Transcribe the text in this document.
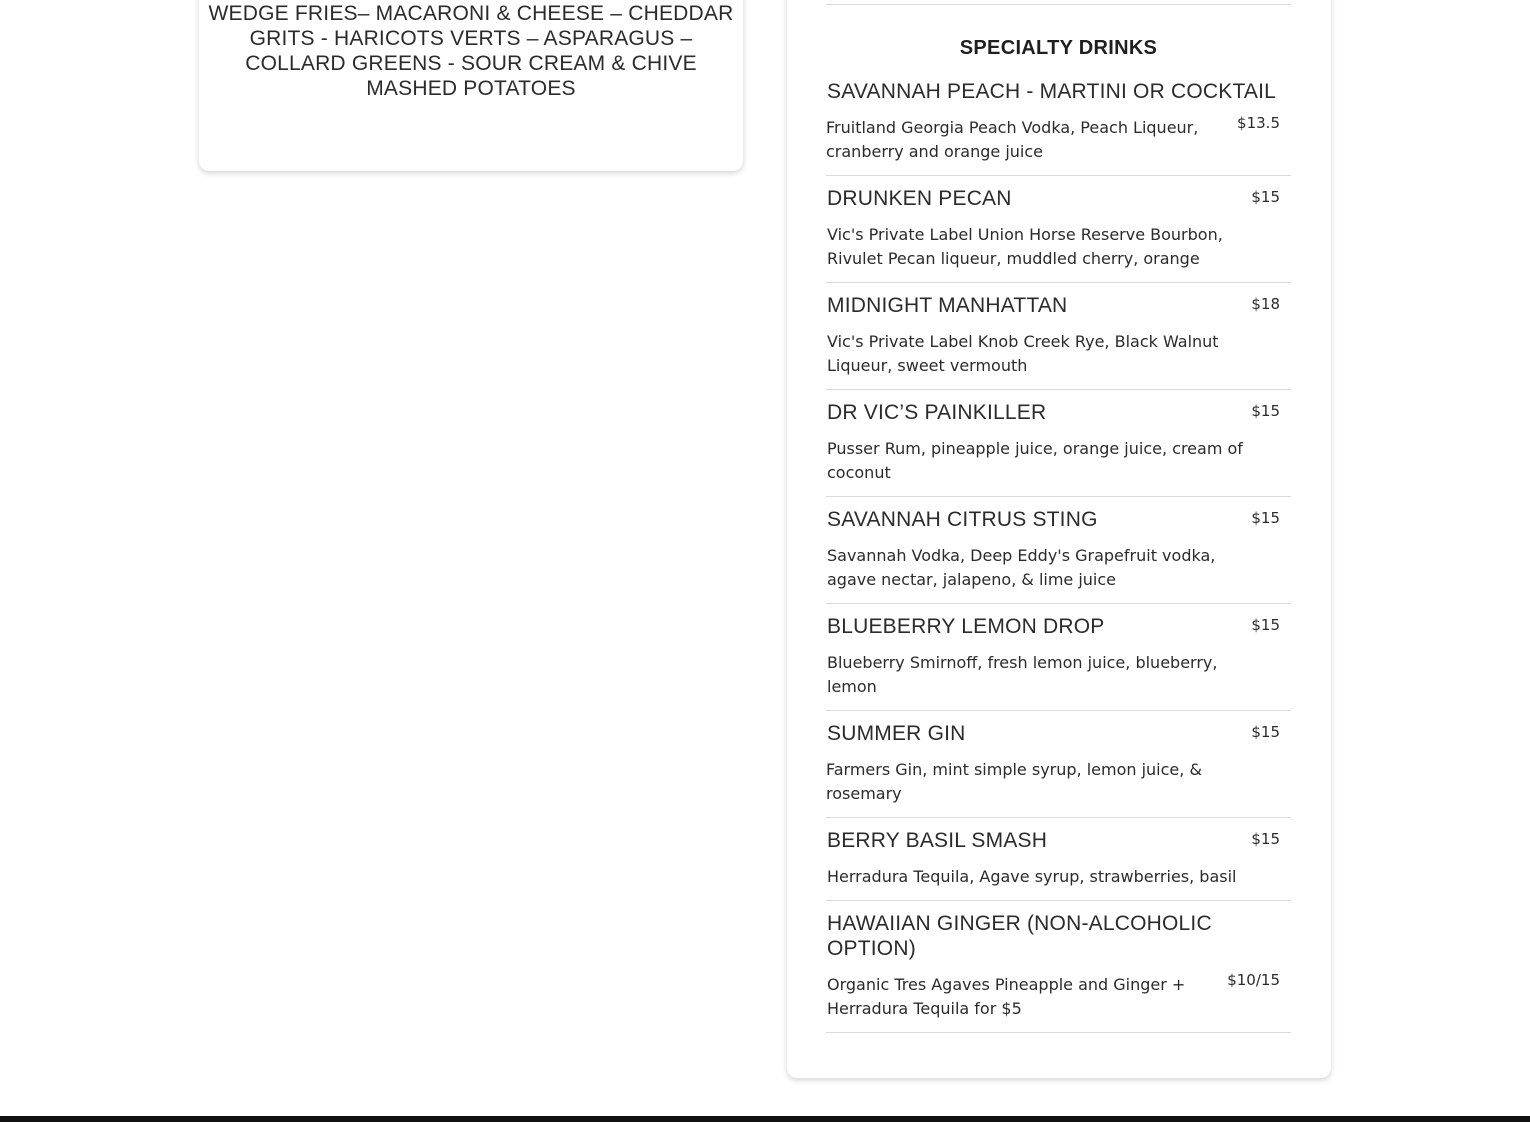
WEDGE FRIES– MACARONI & CHEESE – CHEDDAR GRITS - HARICOTS VERTS – ASPARAGUS – COLLARD GREENS - SOUR CREAM & CHIVE MASHED POTATOES

SPECIALTY DRINKS

SAVANNAH PEACH - MARTINI OR COCKTAIL

$13.5

Fruitland Georgia Peach Vodka, Peach Liqueur, cranberry and orange juice

DRUNKEN PECAN	$15

Vic's Private Label Union Horse Reserve Bourbon, Rivulet Pecan liqueur, muddled cherry, orange

MIDNIGHT MANHATTAN	$18

Vic's Private Label Knob Creek Rye, Black Walnut Liqueur, sweet vermouth

DR VIC’S PAINKILLER	$15

Pusser Rum, pineapple juice, orange juice, cream of coconut

SAVANNAH CITRUS STING	$15

Savannah Vodka, Deep Eddy's Grapefruit vodka, agave nectar, jalapeno, & lime juice

BLUEBERRY LEMON DROP	$15

Blueberry Smirnoff, fresh lemon juice, blueberry, lemon

SUMMER GIN	$15

Farmers Gin, mint simple syrup, lemon juice, & rosemary

BERRY BASIL SMASH	$15

Herradura Tequila, Agave syrup, strawberries, basil

HAWAIIAN GINGER (NON-ALCOHOLIC OPTION)

$10/15

Organic Tres Agaves Pineapple and Ginger + Herradura Tequila for $5
